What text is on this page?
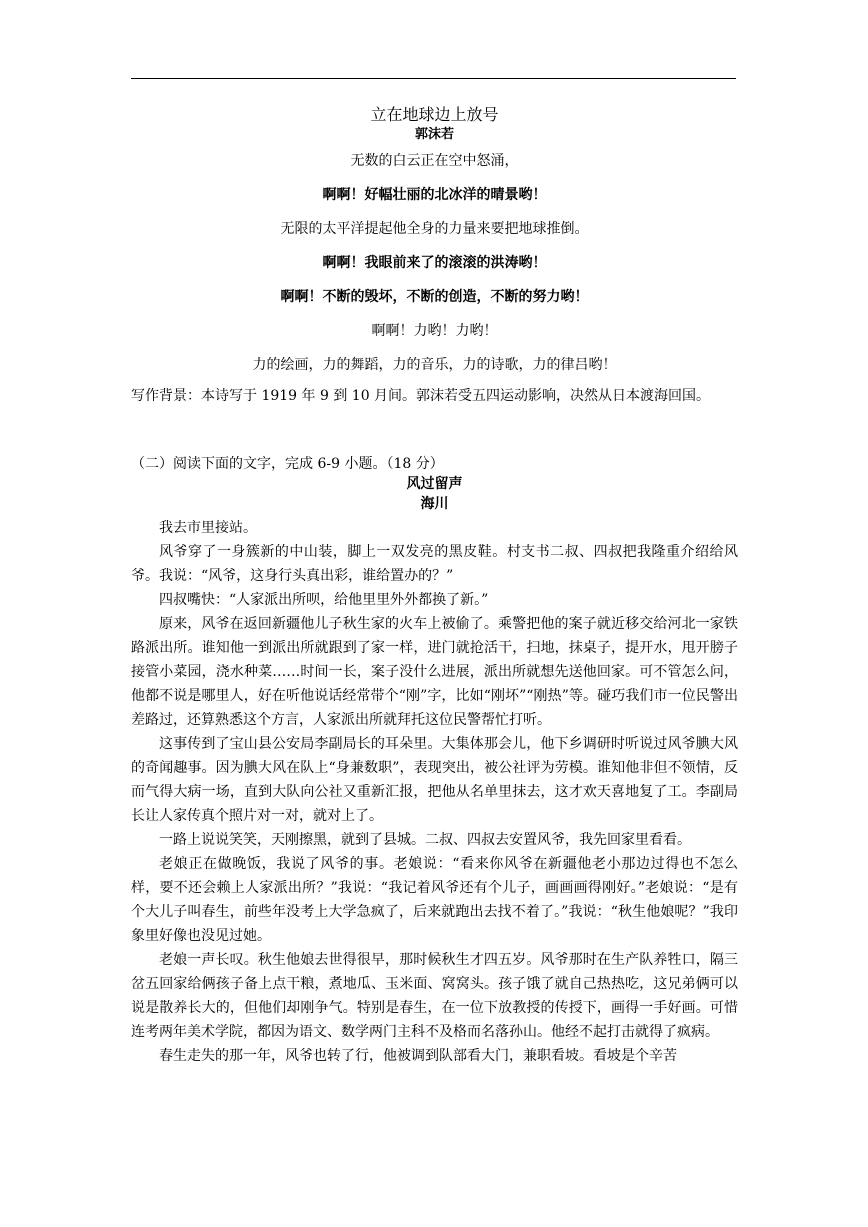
立在地球边上放号

郭沫若

无数的白云正在空中怒涌，

啊啊！好幅壮丽的北冰洋的晴景哟！

无限的太平洋提起他全身的力量来要把地球推倒。

啊啊！我眼前来了的滚滚的洪涛哟！

啊啊！不断的毁坏，不断的创造，不断的努力哟！

啊啊！力哟！力哟！

力的绘画，力的舞蹈，力的音乐，力的诗歌，力的律吕哟！

写作背景：本诗写于 1919 年 9 到 10 月间。郭沫若受五四运动影响，决然从日本渡海回国。

（二）阅读下面的文字，完成 6-9 小题。（18 分）

风过留声

海川

我去市里接站。

风爷穿了一身簇新的中山装，脚上一双发亮的黑皮鞋。村支书二叔、四叔把我隆重介绍给风爷。我说：“风爷，这身行头真出彩，谁给置办的？”

四叔嘴快：“人家派出所呗，给他里里外外都换了新。”

原来，风爷在返回新疆他儿子秋生家的火车上被偷了。乘警把他的案子就近移交给河北一家铁路派出所。谁知他一到派出所就跟到了家一样，进门就抢活干，扫地，抹桌子，提开水，甩开膀子接管小菜园，浇水种菜……时间一长，案子没什么进展，派出所就想先送他回家。可不管怎么问，他都不说是哪里人，好在听他说话经常带个“刚”字，比如“刚坏”“刚热”等。碰巧我们市一位民警出差路过，还算熟悉这个方言，人家派出所就拜托这位民警帮忙打听。

这事传到了宝山县公安局李副局长的耳朵里。大集体那会儿，他下乡调研时听说过风爷腆大风的奇闻趣事。因为腆大风在队上“身兼数职”，表现突出，被公社评为劳模。谁知他非但不领情，反而气得大病一场，直到大队向公社又重新汇报，把他从名单里抹去，这才欢天喜地复了工。李副局长让人家传真个照片对一对，就对上了。

一路上说说笑笑，天刚擦黑，就到了县城。二叔、四叔去安置风爷，我先回家里看看。

老娘正在做晚饭，我说了风爷的事。老娘说：“看来你风爷在新疆他老小那边过得也不怎么样，要不还会赖上人家派出所？”我说：“我记着风爷还有个儿子，画画画得刚好。”老娘说：“是有个大儿子叫春生，前些年没考上大学急疯了，后来就跑出去找不着了。”我说：“秋生他娘呢？”我印象里好像也没见过她。

老娘一声长叹。秋生他娘去世得很早，那时候秋生才四五岁。风爷那时在生产队养牲口，隔三岔五回家给俩孩子备上点干粮，煮地瓜、玉米面、窝窝头。孩子饿了就自己热热吃，这兄弟俩可以说是散养长大的，但他们却刚争气。特别是春生，在一位下放教授的传授下，画得一手好画。可惜连考两年美术学院，都因为语文、数学两门主科不及格而名落孙山。他经不起打击就得了疯病。

春生走失的那一年，风爷也转了行，他被调到队部看大门，兼职看坡。看坡是个辛苦
